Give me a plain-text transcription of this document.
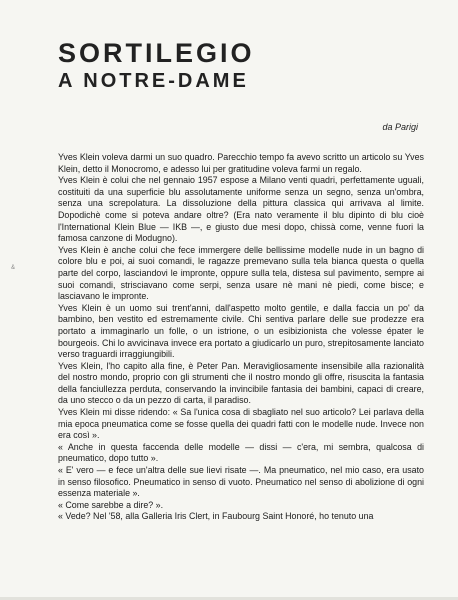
SORTILEGIO
A NOTRE-DAME
da Parigi
&

Yves Klein voleva darmi un suo quadro. Parecchio tempo fa avevo scritto un articolo su Yves Klein, detto il Monocromo, e adesso lui per gratitudine voleva farmi un regalo.

Yves Klein è colui che nel gennaio 1957 espose a Milano venti quadri, perfettamente uguali, costituiti da una superficie blu assolutamente uniforme senza un segno, senza un'ombra, senza una screpolatura. La dissoluzione della pittura classica qui arrivava al limite. Dopodichè come si poteva andare oltre? (Era nato veramente il blu dipinto di blu cioè l'International Klein Blue — IKB —, e giusto due mesi dopo, chissà come, venne fuori la famosa canzone di Modugno).

Yves Klein è anche colui che fece immergere delle bellissime modelle nude in un bagno di colore blu e poi, ai suoi comandi, le ragazze premevano sulla tela bianca questa o quella parte del corpo, lasciandovi le impronte, oppure sulla tela, distesa sul pavimento, sempre ai suoi comandi, strisciavano come serpi, senza usare nè mani nè piedi, come bisce; e lasciavano le impronte.

Yves Klein è un uomo sui trent'anni, dall'aspetto molto gentile, e dalla faccia un po' da bambino, ben vestito ed estremamente civile. Chi sentiva parlare delle sue prodezze era portato a immaginarlo un folle, o un istrione, o un esibizionista che volesse épater le bourgeois. Chi lo avvicinava invece era portato a giudicarlo un puro, strepitosamente lanciato verso traguardi irraggiungibili.

Yves Klein, l'ho capito alla fine, è Peter Pan. Meravigliosamente insensibile alla razionalità del nostro mondo, proprio con gli strumenti che il nostro mondo gli offre, risuscita la fantasia della fanciullezza perduta, conservando la invincibile fantasia dei bambini, capaci di creare, da uno stecco o da un pezzo di carta, il paradiso.

Yves Klein mi disse ridendo: « Sa l'unica cosa di sbagliato nel suo articolo? Lei parlava della mia epoca pneumatica come se fosse quella dei quadri fatti con le modelle nude. Invece non era così ».

« Anche in questa faccenda delle modelle — dissi — c'era, mi sembra, qualcosa di pneumatico, dopo tutto ».

« E' vero — e fece un'altra delle sue lievi risate —. Ma pneumatico, nel mio caso, era usato in senso filosofico. Pneumatico in senso di vuoto. Pneumatico nel senso di abolizione di ogni essenza materiale ».

« Come sarebbe a dire? ».

« Vede? Nel '58, alla Galleria Iris Clert, in Faubourg Saint Honoré, ho tenuto una
